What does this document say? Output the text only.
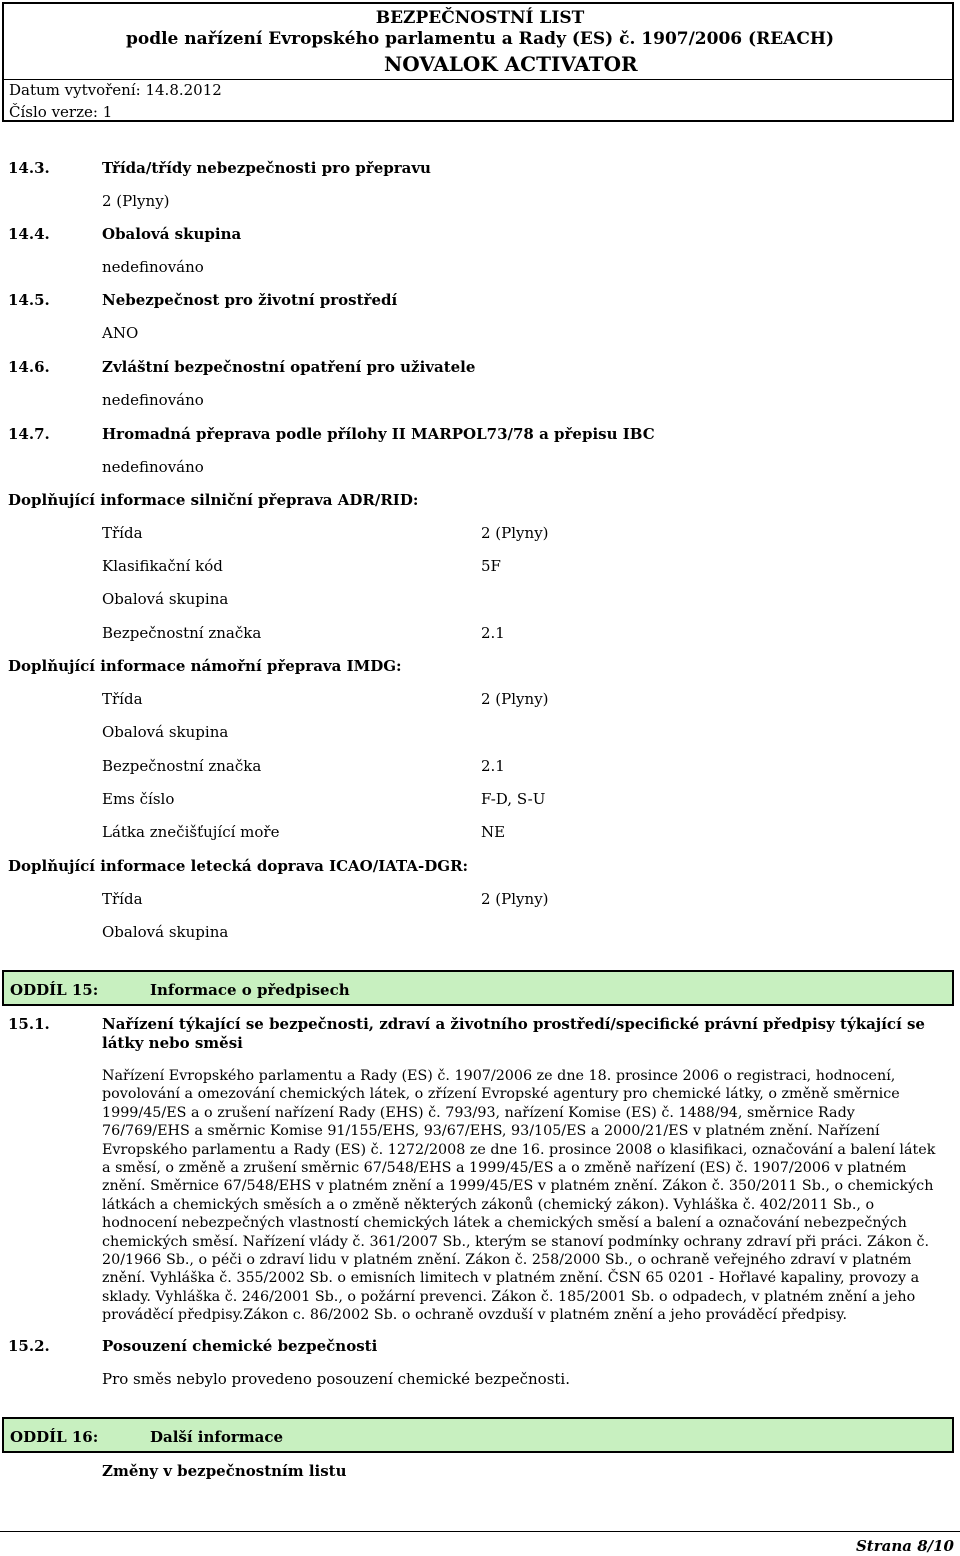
BEZPEČNOSTNÍ LIST
podle nařízení Evropského parlamentu a Rady (ES) č. 1907/2006 (REACH)
Datum vytvoření: 14.8.2012
NOVALOK ACTIVATOR
Číslo verze: 1
14.3.	Třída/třídy nebezpečnosti pro přepravu
2 (Plyny)
14.4.	Obalová skupina
nedefinováno
14.5.	Nebezpečnost pro životní prostředí
ANO
14.6.	Zvláštní bezpečnostní opatření pro uživatele
nedefinováno
14.7.	Hromadná přeprava podle přílohy II MARPOL73/78 a přepisu IBC
nedefinováno
Doplňující informace silniční přeprava ADR/RID:
Třída	2 (Plyny)
Klasifikační kód	5F
Obalová skupina
Bezpečnostní značka	2.1
Doplňující informace námořní přeprava IMDG:
Třída	2 (Plyny)
Obalová skupina
Bezpečnostní značka	2.1
Ems číslo	F-D, S-U
Látka znečišťující moře	NE
Doplňující informace letecká doprava ICAO/IATA-DGR:
Třída	2 (Plyny)
Obalová skupina
ODDÍL 15:	Informace o předpisech
15.1.	Nařízení týkající se bezpečnosti, zdraví a životního prostředí/specifické právní předpisy týkající se látky nebo směsi
Nařízení Evropského parlamentu a Rady (ES) č. 1907/2006 ze dne 18. prosince 2006 o registraci, hodnocení, povolování a omezování chemických látek, o zřízení Evropské agentury pro chemické látky, o změně směrnice 1999/45/ES a o zrušení nařízení Rady (EHS) č. 793/93, nařízení Komise (ES) č. 1488/94, směrnice Rady 76/769/EHS a směrnic Komise 91/155/EHS, 93/67/EHS, 93/105/ES a 2000/21/ES v platném znění. Nařízení Evropského parlamentu a Rady (ES) č. 1272/2008 ze dne 16. prosince 2008 o klasifikaci, označování a balení látek a směsí, o změně a zrušení směrnic 67/548/EHS a 1999/45/ES a o změně nařízení (ES) č. 1907/2006 v platném znění. Směrnice 67/548/EHS v platném znění a 1999/45/ES v platném znění. Zákon č. 350/2011 Sb., o chemických látkách a chemických směsích a o změně některých zákonů (chemický zákon). Vyhláška č. 402/2011 Sb., o hodnocení nebezpečných vlastností chemických látek a chemických směsí a balení a označování nebezpečných chemických směsí. Nařízení vlády č. 361/2007 Sb., kterým se stanoví podmínky ochrany zdraví při práci. Zákon č. 20/1966 Sb., o péči o zdraví lidu v platném znění. Zákon č. 258/2000 Sb., o ochraně veřejného zdraví v platném znění. Vyhláška č. 355/2002 Sb. o emisních limitech v platném znění. ČSN 65 0201 - Hořlavé kapaliny, provozy a sklady. Vyhláška č. 246/2001 Sb., o požární prevenci. Zákon č. 185/2001 Sb. o odpadech, v platném znění a jeho prováděcí předpisy.Zákon c. 86/2002 Sb. o ochraně ovzduší v platném znění a jeho prováděcí předpisy.
15.2.	Posouzení chemické bezpečnosti
Pro směs nebylo provedeno posouzení chemické bezpečnosti.
ODDÍL 16:	Další informace
Změny v bezpečnostním listu
Strana 8/10
